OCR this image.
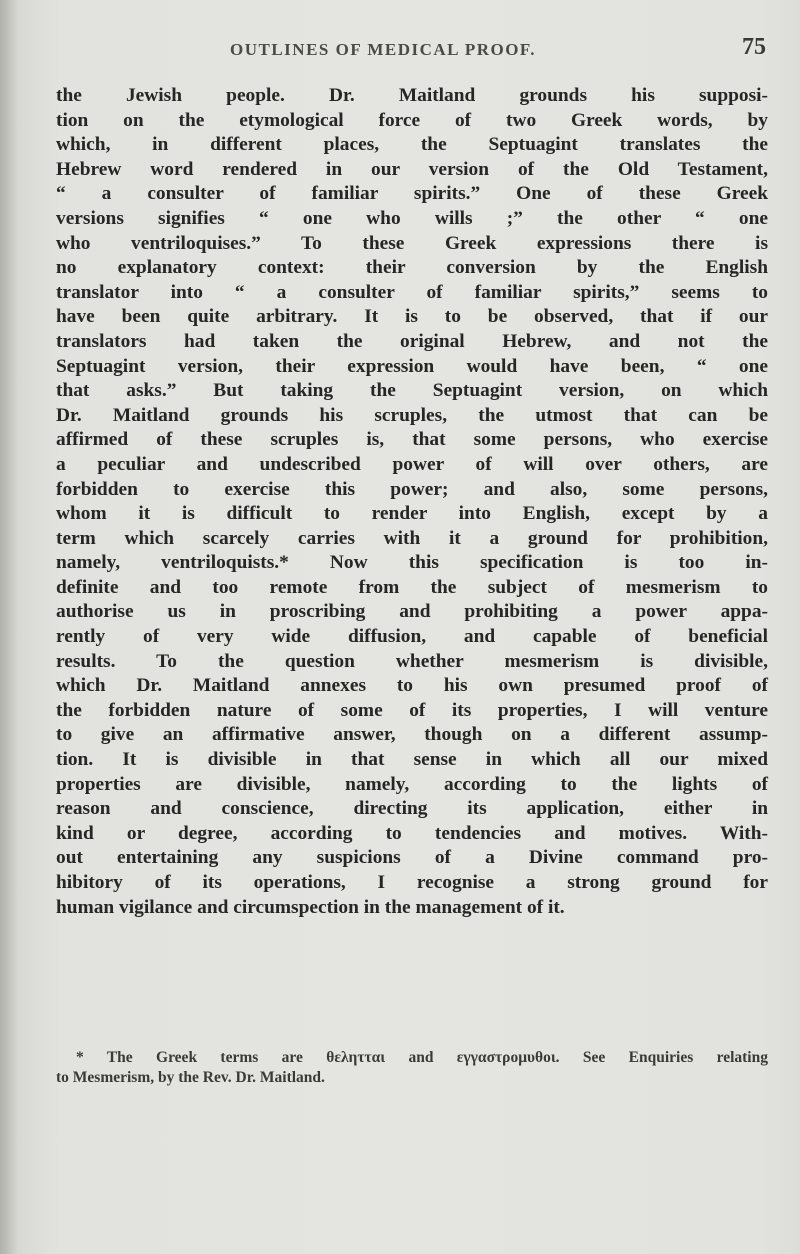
OUTLINES OF MEDICAL PROOF.	75
the Jewish people. Dr. Maitland grounds his supposi-
tion on the etymological force of two Greek words, by
which, in different places, the Septuagint translates the
Hebrew word rendered in our version of the Old Testament,
“ a consulter of familiar spirits.” One of these Greek
versions signifies “ one who wills ;” the other “ one
who ventriloquises.” To these Greek expressions there is
no explanatory context: their conversion by the English
translator into “ a consulter of familiar spirits,” seems to
have been quite arbitrary. It is to be observed, that if our
translators had taken the original Hebrew, and not the
Septuagint version, their expression would have been, “ one
that asks.” But taking the Septuagint version, on which
Dr. Maitland grounds his scruples, the utmost that can be
affirmed of these scruples is, that some persons, who exercise
a peculiar and undescribed power of will over others, are
forbidden to exercise this power; and also, some persons,
whom it is difficult to render into English, except by a
term which scarcely carries with it a ground for prohibition,
namely, ventriloquists.* Now this specification is too in-
definite and too remote from the subject of mesmerism to
authorise us in proscribing and prohibiting a power appa-
rently of very wide diffusion, and capable of beneficial
results. To the question whether mesmerism is divisible,
which Dr. Maitland annexes to his own presumed proof of
the forbidden nature of some of its properties, I will venture
to give an affirmative answer, though on a different assump-
tion. It is divisible in that sense in which all our mixed
properties are divisible, namely, according to the lights of
reason and conscience, directing its application, either in
kind or degree, according to tendencies and motives. With-
out entertaining any suspicions of a Divine command pro-
hibitory of its operations, I recognise a strong ground for
human vigilance and circumspection in the management of it.
* The Greek terms are θελητται and εγγαστρομυθοι. See Enquiries relating
to Mesmerism, by the Rev. Dr. Maitland.
